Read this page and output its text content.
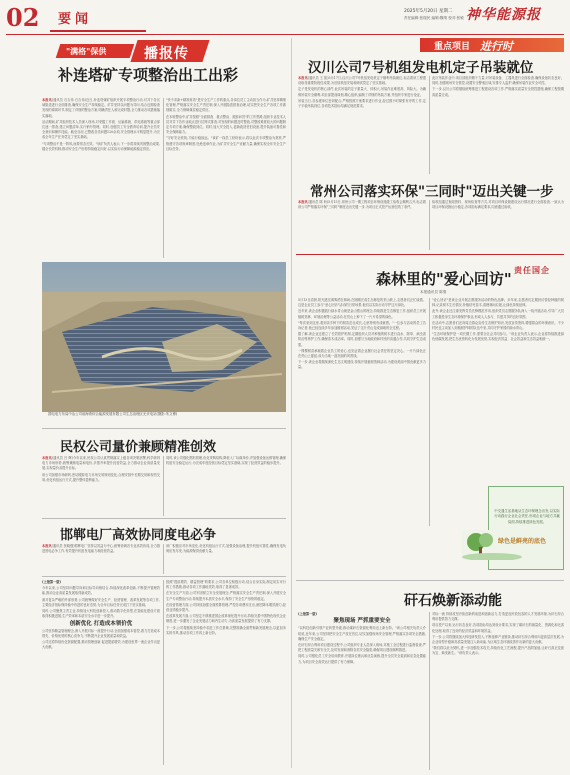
02 要闻
2025年5月20日 星期二
责任编辑:张瑞民 编辑:魏靖 校对:张敏 神华能源报
"满格"保供	播报传
补连塔矿专项整治出工出彩
本报讯(通讯员 石吉伟 石吉伟)近日,补连塔煤矿组织开展专项整治行动,对井下各区域隐患进行全面排查,确保安全生产持续稳定。矿井坚持以问题为导向,结合近期检查发现的薄弱环节,制定了详细的整治方案,明确责任人和完成时限,全力推动各项措施落实落地。
活动期间,矿井组织技术人员深入现场,对采掘工作面、运输系统、供电系统等重点部位逐一排查,建立问题清单,实行销号管理。同时,加强员工安全教育培训,提升全员安全意识和操作技能。截至目前,已整改各类问题120余项,安全管理水平明显提升,为完成全年生产任务奠定了坚实基础。
"专项整治不是一阵风,而要常态长效。"该矿负责人表示,下一步将持续巩固整治成果,健全长效机制,推动安全生产形势持续稳定向好,以实际行动保障能源稳定供应。
"快不求新+精准再造"是安全生产工作的重点,各岗位员工主动担当作为,矿井坚持精细化管理,严格落实安全生产责任制,深入开展隐患排查治理,切实把安全生产各项工作做细做实,全力保障煤炭稳定供应。
在本轮整治中,矿井按照"全面排查、重点整治、跟踪问效"的工作思路,组织专业技术人员对井下各作业地点进行拉网式排查,对发现的问题及时整改,对整改难度较大的问题制定专项方案,确保整改到位。同时,加大安全投入,更新改造老旧设备,提升装备可靠性和安全保障能力。
"守好安全底线,才能行稳致远。"该矿一线员工纷纷表示,将以此次专项整治为契机,严格遵守各项规章制度,杜绝违章作业,为矿井安全生产贡献力量,确保实现全年安全生产目标任务。
国电电力布局中冶公司前海湾综合能源发展有限公司生态治理区光伏电站(摄影:朱文博)
民权公司量价兼顾精准创效
本报讯(通讯员 吕 辉)今年以来,民权公司认真贯彻落实上级各项决策部署,科学研判电力市场形势,统筹兼顾电量和电价,多措并举提升经营效益,全力推动企业高质量发展,实现量价双提升目标。
该公司加强市场研判,密切跟踪电力市场交易规则变化,合理安排中长期交易和现货交易,优化机组运行方式,提升整体盈利能力。
同时,该公司强化燃料管理,优化采购结构,降低入厂标煤单价,并加强设备运维管理,确保机组安全稳定运行,为完成年度经营目标奠定坚实基础,实现了经营效益的稳步提升。
邯郸电厂高效协同度电必争
本报讯(通讯员 张晓强)邯郸电厂坚持以效益为中心,统筹协调各专业高效协同,全力推进度电必争工作,有效提升机组发电能力和经营效益。
该厂积极应对市场变化,优化机组运行方式,加强设备治理,提升机组可靠性,确保发电负荷应发尽发,为能源保供贡献力量。
(上接第一版)
今年以来,公司坚持问题导向和目标导向相结合,持续深化改革创新,不断提升管理效能,推动企业高质量发展取得新成效。
面对复杂严峻的外部形势,公司统筹做好安全生产、经营管理、改革发展等各项工作,主要经济指标保持稳中有进的良好态势,为全年目标任务完成打下坚实基础。
同时,公司聚焦主责主业,持续加大科技创新投入,推动数字化转型,在智能化建设方面取得积极进展,生产效率和本质安全水平进一步提升。
创新优化 打造成本领价优
公司坚持精益管理理念,深入开展对标一流提升行动,全面加强成本管控,着力打造成本领先、价格优势的核心竞争力,不断提升企业发展质量和效益。
公司还将持续优化资源配置,推动管理创新,促进提质增效,为建设世界一流企业作出更大贡献。
按照"提质增效、精益管理"的要求,公司各单位积极行动,结合自身实际,制定切实可行的工作措施,推动各项工作落地见效,取得了显著成效。
在安全生产方面,公司牢固树立安全发展理念,严格落实安全生产责任制,深入开展安全生产专项整治行动,持续提升本质安全水平,保持了安全生产形势的稳定。
在经营管理方面,公司持续加强全面预算管理,严控各项费用支出,深挖降本增效潜力,经营业绩稳步提升。
在改革发展方面,公司坚定不移推进国企改革深化提升行动,持续完善中国特色现代企业制度,进一步激发了企业发展活力和内生动力,为高质量发展提供了有力支撑。
下一步,公司将继续坚持稳中求进工作总基调,完整准确全面贯彻新发展理念,以更加务实的作风,推动各项工作再上新台阶。
重点项目 进行时
汉川公司7号机组发电机定子吊装就位
本报讯(通讯员 王 凯)5月17日,汉川公司7号机组发电机定子顺利吊装就位,标志着该工程建设取得重要阶段性成果,为后续机组安装和调试奠定了坚实基础。
定子是发电机的核心部件,此次吊装的定子重量大、体积大,吊装作业难度高、风险大。为确保吊装安全顺利,项目部提前谋划,精心组织,编制了详细的吊装方案,并组织专家进行论证。
吊装当日,各参建单位密切配合,严格按照方案要求进行作业,经过数小时紧张有序的工作,定子平稳吊装到位,各项技术指标均满足规范要求。
此次吊装作业中,项目部组织精干力量,对吊装设备、工器具进行全面检查,确保设备状态良好。同时,加强现场安全管控,设置安全警戒区域,安排专人监护,确保吊装作业安全可控。
下一步,汉川公司将继续统筹推进工程建设各项工作,严格落实质量安全管控措施,确保工程按期高质量完成。
常州公司落实环保"三同时"迈出关键一步
本报讯(通讯员 陈 昕)5月15日,常州公司一期工程项目环保设施竣工验收会顺利召开,标志着该公司严格落实环保"三同时"制度迈出关键一步,为项目正式投产运营创造了条件。
验收组通过查阅资料、现场检查等方式,对项目环保设施建设运行情况进行全面检查,一致认为项目环保设施运行稳定,各项指标满足要求,同意通过验收。
责任国企
森林里的"爱心回访"
本报通讯员 陈骞
5月13日清晨,阳光透过薄雾洒在林间,在刚刚完成生态修复的荒山坡上,志愿者们正忙碌着。这是企业员工参与"爱心回访"活动的日常场景,他们以实际行动守护这片绿色。
近年来,该企业积极践行绿水青山就是金山银山的理念,持续推进生态修复工作,组织员工开展植树造林、环境治理等公益活动,在荒山上种下了一片片希望的绿色。
"每次来到这里,看到亲手种下的树苗茁壮成长,心里特别有成就感。"一位参与活动的员工告诉记者,他已经连续多年参加植树活动,见证了这片荒山变成绿地的全过程。
据了解,该企业还建立了长效管护机制,定期组织人员对种植的树木进行浇水、除草、病虫害防治等养护工作,确保苗木成活率。同时,加强与当地政府和村民的沟通合作,共同守护生态成果。
一棵棵树苗承载着企业员工的爱心,也见证着企业履行社会责任的坚定决心。一片片绿色正在荒山上蔓延,成为当地一道亮丽的风景线。
下一步,该企业将继续深化生态文明建设,持续开展植树造林活动,为建设美丽中国贡献更多力量。
"爱心回访"是该企业开展志愿服务活动的特色品牌。多年来,志愿者们定期回访曾经种植的树林,记录树木生长情况,补植枯死苗木,清理林间垃圾,让绿色持续延伸。
此外,该企业还注重发挥党员先锋模范作用,组织党员志愿服务队深入一线开展活动,引导广大员工积极投身生态环境保护事业,形成人人参与、共建共享的良好氛围。
在活动中,志愿者们还向周边群众宣传生态保护知识,发放宣传资料,增强群众的环保意识。不少村民也主动加入到植树护林的队伍中来,共同守护家园的绿水青山。
"生态环境保护是一项长期工作,需要全社会共同参与。"该企业负责人表示,企业将持续推进绿色低碳发展,把生态优势转化为发展优势,实现经济效益、社会效益和生态效益相统一。
中交通生活基地从生态环保理念出发,以实际行动践行企业社会责任,形成企业与地方共赢局面,持续推进绿色发展。
绿色是鲜亮的底色
矸石焕新添动能
(上接第一版)
聚焦现场 严抓重要安全
"以科技创新引领产业转型升级,推动煤矸石资源化利用迈上新台阶。"该公司相关负责人介绍说,近年来,公司坚持把安全生产放在首位,切实加强现场安全管理,严格落实各项安全措施,确保生产安全稳定。
在矸石综合利用项目建设过程中,公司组织专业人员深入现场,对施工全过程进行监督检查,严把工程质量关和安全关,及时发现和消除各类安全隐患,确保项目建设顺利推进。
同时,公司强化员工安全培训教育,开展岗位练兵和应急演练,提升全员安全素质和应急处置能力,为项目安全高效运行提供了有力保障。
对标一流 持续攻坚开拓创新的前进和创新活力,打造更加开放包容的人才发展环境,为矸石综合利用提供智力支撑。
项目投产以来,运行状态良好,各项指标均达到设计要求,实现了煤矸石的减量化、资源化和无害化处理,取得了良好的经济效益和环境效益。
下一步,公司将继续加大科技研发投入,不断延伸产业链条,推动矸石综合利用向更高层次发展,为企业转型升级和高质量发展注入新动能,为区域生态环境改善作出新的更大贡献。
"我们将以此为契机,进一步加强技术攻关,持续优化工艺流程,提升产品附加值,让矸石真正变废为宝、焕发新生。"该负责人表示。
